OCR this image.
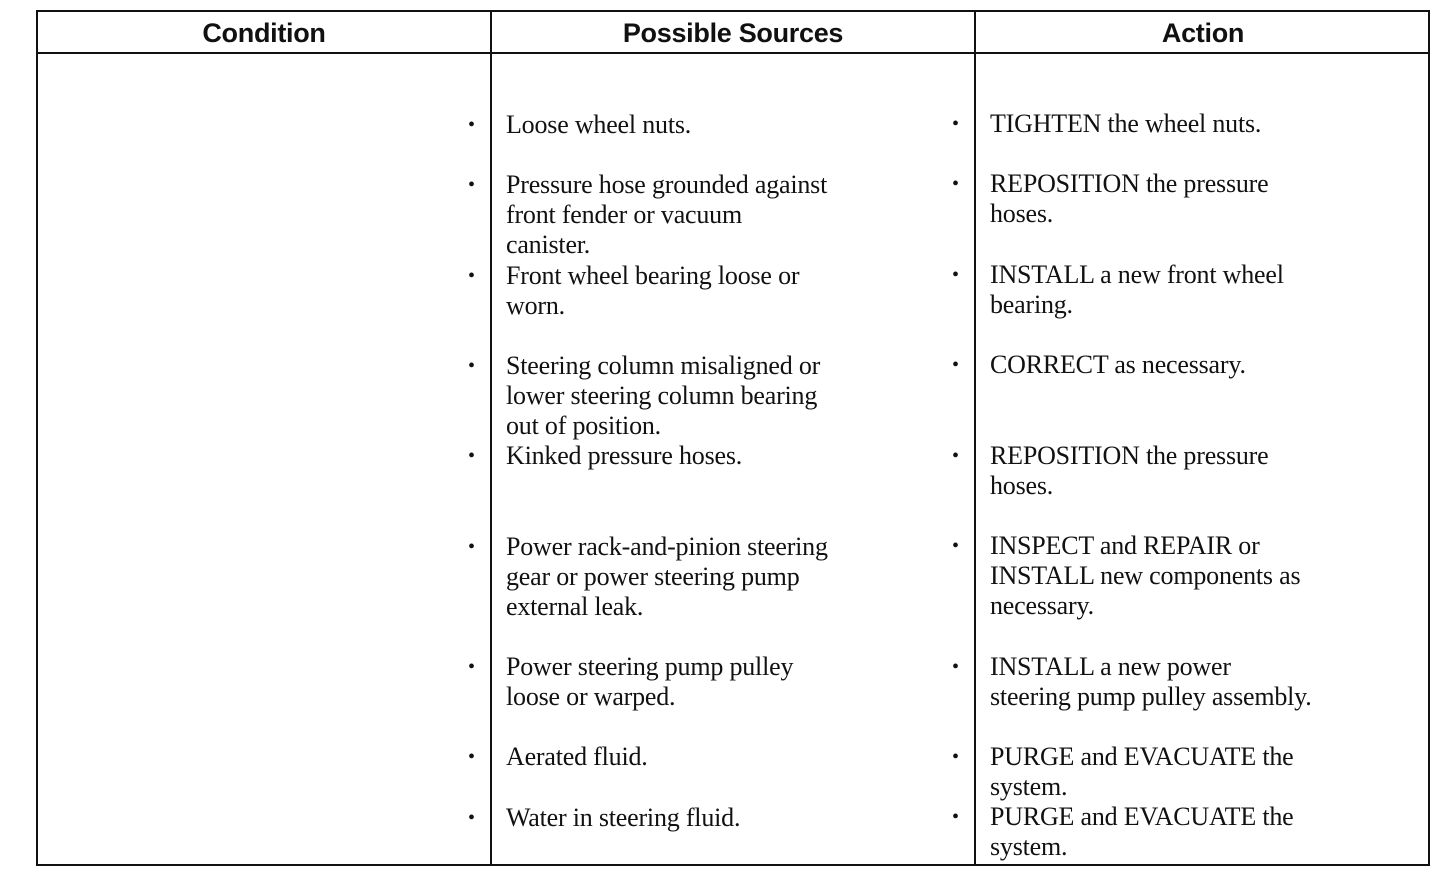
Condition	Possible Sources	Action
• Loose wheel nuts.
• Pressure hose grounded against
front fender or vacuum
canister.
• Front wheel bearing loose or
worn.
• Steering column misaligned or
lower steering column bearing
out of position.
• Kinked pressure hoses.
• Power rack-and-pinion steering
gear or power steering pump
external leak.
• Power steering pump pulley
loose or warped.
• Aerated fluid.
• Water in steering fluid.
• TIGHTEN the wheel nuts.
• REPOSITION the pressure
hoses.
• INSTALL a new front wheel
bearing.
• CORRECT as necessary.
• REPOSITION the pressure
hoses.
• INSPECT and REPAIR or
INSTALL new components as
necessary.
• INSTALL a new power
steering pump pulley assembly.
• PURGE and EVACUATE the
system.
• PURGE and EVACUATE the
system.
